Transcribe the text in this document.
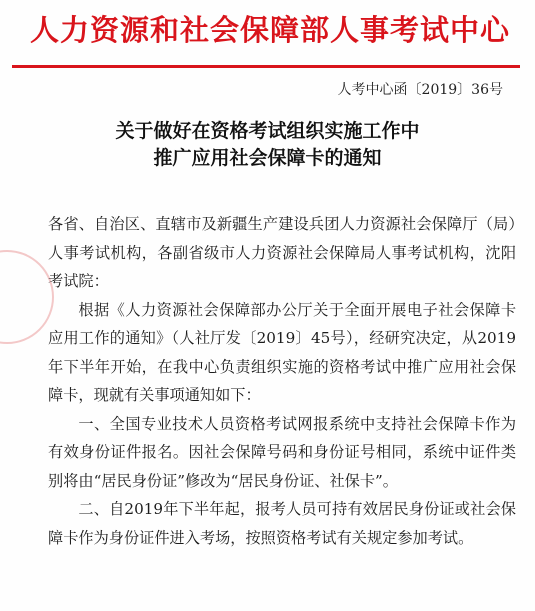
人力资源和社会保障部人事考试中心
人考中心函〔2019〕36号
关于做好在资格考试组织实施工作中
推广应用社会保障卡的通知

各省、自治区、直辖市及新疆生产建设兵团人力资源社会保障厅（局）人事考试机构，各副省级市人力资源社会保障局人事考试机构，沈阳考试院：

根据《人力资源社会保障部办公厅关于全面开展电子社会保障卡应用工作的通知》（人社厅发〔2019〕45号），经研究决定，从2019年下半年开始，在我中心负责组织实施的资格考试中推广应用社会保障卡，现就有关事项通知如下：

一、全国专业技术人员资格考试网报系统中支持社会保障卡作为有效身份证件报名。因社会保障号码和身份证号相同，系统中证件类别将由“居民身份证”修改为“居民身份证、社保卡”。

二、自2019年下半年起，报考人员可持有效居民身份证或社会保障卡作为身份证件进入考场，按照资格考试有关规定参加考试。
